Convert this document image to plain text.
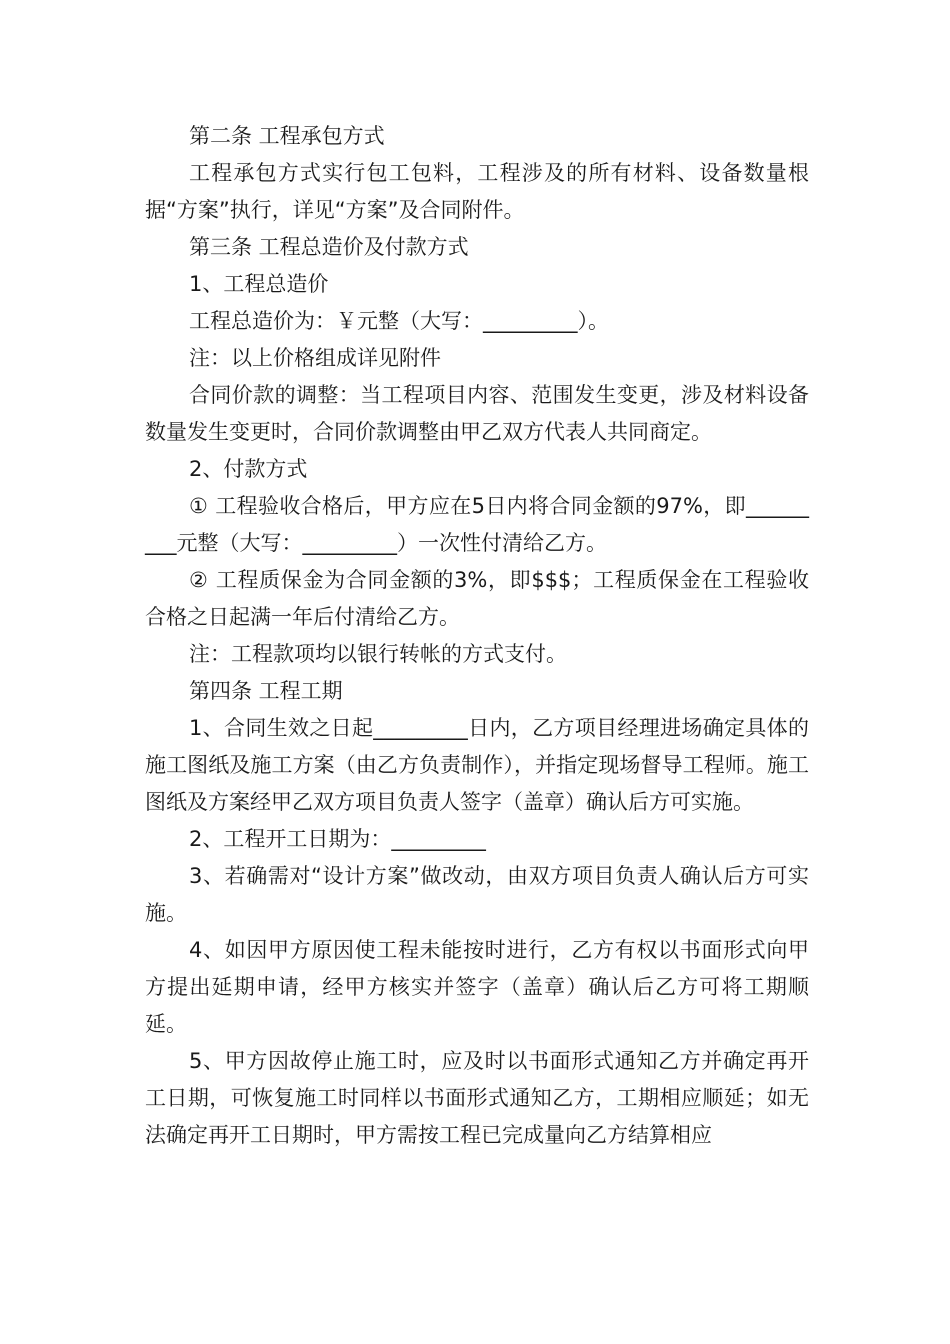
第二条 工程承包方式

工程承包方式实行包工包料，工程涉及的所有材料、设备数量根据“方案”执行，详见“方案”及合同附件。

第三条 工程总造价及付款方式

1、工程总造价

工程总造价为：￥元整（大写：_________）。

注：以上价格组成详见附件

合同价款的调整：当工程项目内容、范围发生变更，涉及材料设备数量发生变更时，合同价款调整由甲乙双方代表人共同商定。

2、付款方式

① 工程验收合格后，甲方应在5日内将合同金额的97%，即_________元整（大写：_________）一次性付清给乙方。

② 工程质保金为合同金额的3%，即$$$；工程质保金在工程验收合格之日起满一年后付清给乙方。

注：工程款项均以银行转帐的方式支付。

第四条 工程工期

1、合同生效之日起_________日内，乙方项目经理进场确定具体的施工图纸及施工方案（由乙方负责制作），并指定现场督导工程师。施工图纸及方案经甲乙双方项目负责人签字（盖章）确认后方可实施。

2、工程开工日期为：_________

3、若确需对“设计方案”做改动，由双方项目负责人确认后方可实施。

4、如因甲方原因使工程未能按时进行，乙方有权以书面形式向甲方提出延期申请，经甲方核实并签字（盖章）确认后乙方可将工期顺延。

5、甲方因故停止施工时，应及时以书面形式通知乙方并确定再开工日期，可恢复施工时同样以书面形式通知乙方，工期相应顺延；如无法确定再开工日期时，甲方需按工程已完成量向乙方结算相应
